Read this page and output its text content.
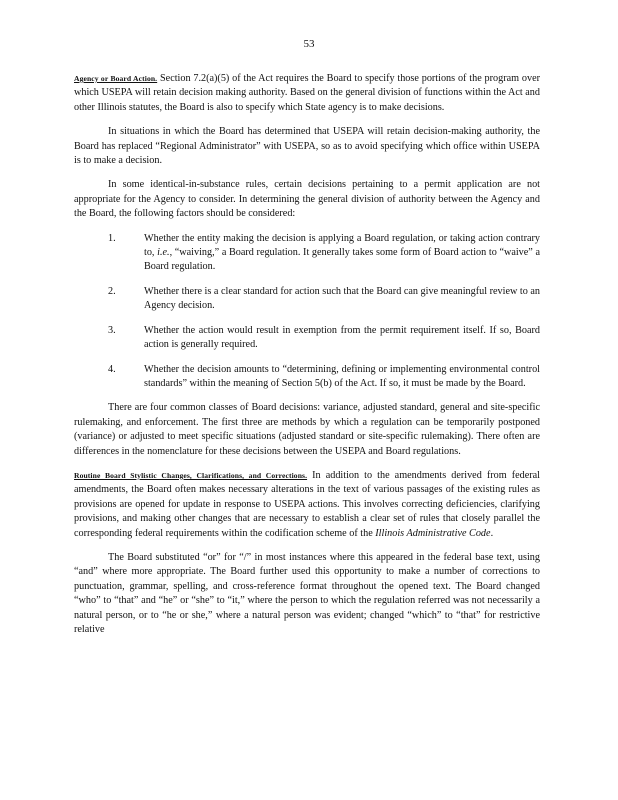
53

Agency or Board Action. Section 7.2(a)(5) of the Act requires the Board to specify those portions of the program over which USEPA will retain decision making authority. Based on the general division of functions within the Act and other Illinois statutes, the Board is also to specify which State agency is to make decisions.

In situations in which the Board has determined that USEPA will retain decision-making authority, the Board has replaced “Regional Administrator” with USEPA, so as to avoid specifying which office within USEPA is to make a decision.

In some identical-in-substance rules, certain decisions pertaining to a permit application are not appropriate for the Agency to consider. In determining the general division of authority between the Agency and the Board, the following factors should be considered:

1.	Whether the entity making the decision is applying a Board regulation, or taking action contrary to, i.e., “waiving,” a Board regulation. It generally takes some form of Board action to “waive” a Board regulation.
2.	Whether there is a clear standard for action such that the Board can give meaningful review to an Agency decision.
3.	Whether the action would result in exemption from the permit requirement itself. If so, Board action is generally required.
4.	Whether the decision amounts to “determining, defining or implementing environmental control standards” within the meaning of Section 5(b) of the Act. If so, it must be made by the Board.

There are four common classes of Board decisions: variance, adjusted standard, general and site-specific rulemaking, and enforcement. The first three are methods by which a regulation can be temporarily postponed (variance) or adjusted to meet specific situations (adjusted standard or site-specific rulemaking). There often are differences in the nomenclature for these decisions between the USEPA and Board regulations.

Routine Board Stylistic Changes, Clarifications, and Corrections. In addition to the amendments derived from federal amendments, the Board often makes necessary alterations in the text of various passages of the existing rules as provisions are opened for update in response to USEPA actions. This involves correcting deficiencies, clarifying provisions, and making other changes that are necessary to establish a clear set of rules that closely parallel the corresponding federal requirements within the codification scheme of the Illinois Administrative Code.

The Board substituted “or” for “/” in most instances where this appeared in the federal base text, using “and” where more appropriate. The Board further used this opportunity to make a number of corrections to punctuation, grammar, spelling, and cross-reference format throughout the opened text. The Board changed “who” to “that” and “he” or “she” to “it,” where the person to which the regulation referred was not necessarily a natural person, or to “he or she,” where a natural person was evident; changed “which” to “that” for restrictive relative
